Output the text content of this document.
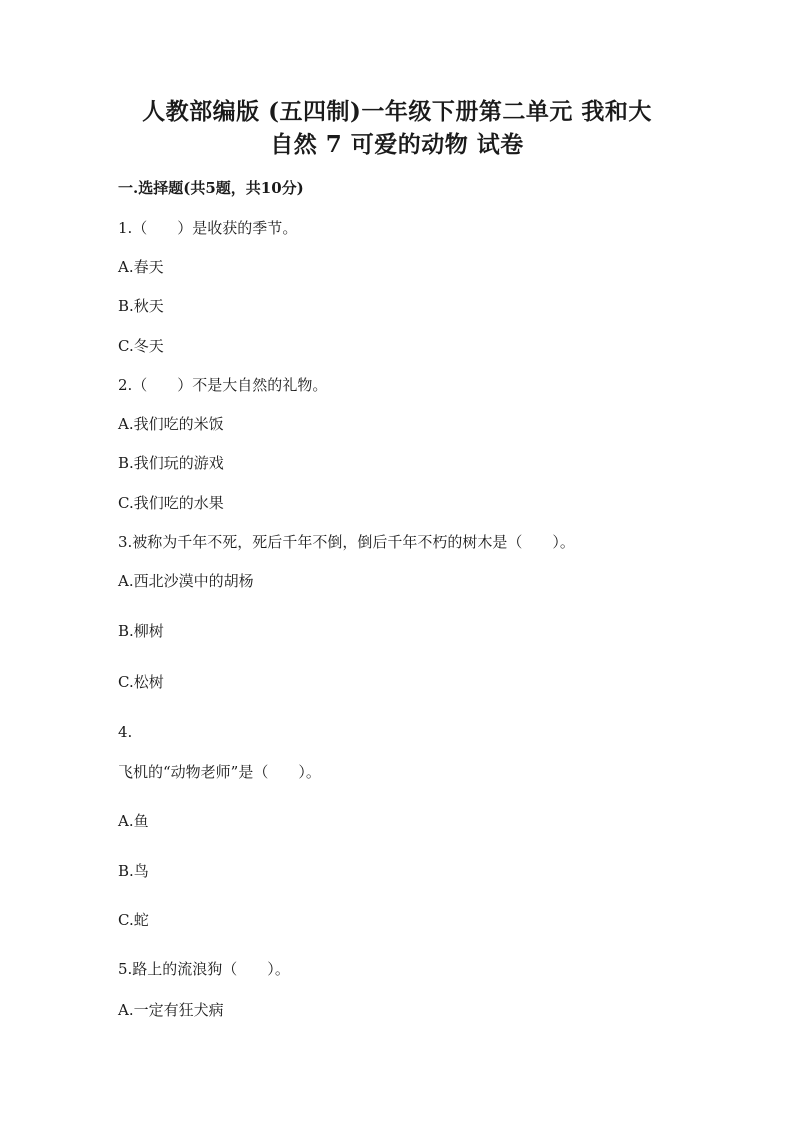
人教部编版 (五四制)一年级下册第二单元 我和大
自然 7 可爱的动物 试卷
一.选择题(共5题，共10分)
1.（　　）是收获的季节。
A.春天
B.秋天
C.冬天
2.（　　）不是大自然的礼物。
A.我们吃的米饭
B.我们玩的游戏
C.我们吃的水果
3.被称为千年不死，死后千年不倒，倒后千年不朽的树木是（　　）。
A.西北沙漠中的胡杨
B.柳树
C.松树
4.
飞机的“动物老师”是（　　）。
A.鱼
B.鸟
C.蛇
5.路上的流浪狗（　　）。
A.一定有狂犬病
